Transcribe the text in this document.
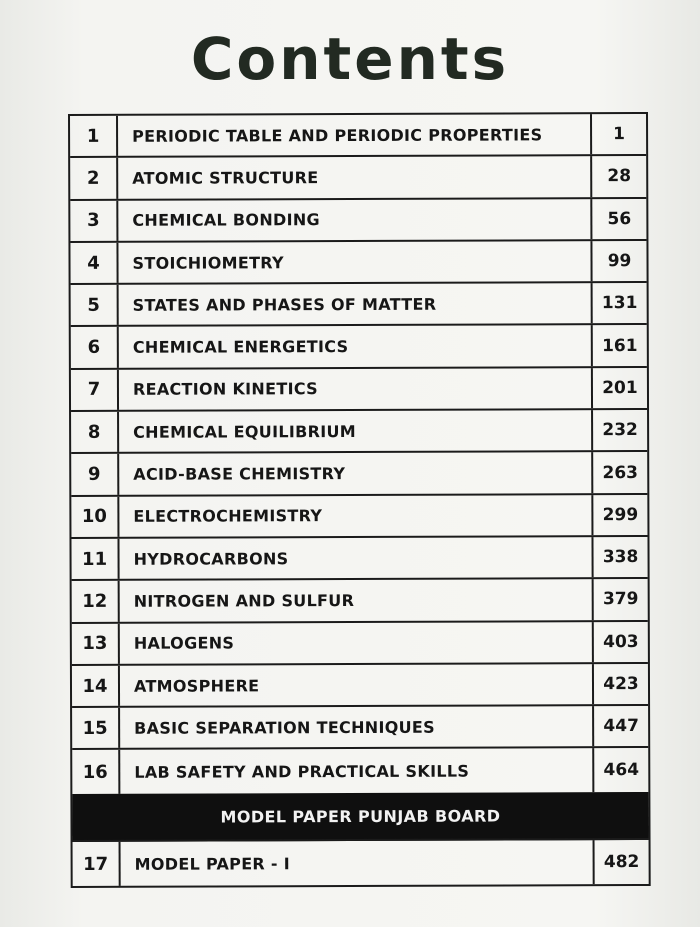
Contents
1	PERIODIC TABLE AND PERIODIC PROPERTIES	1
2	ATOMIC STRUCTURE	28
3	CHEMICAL BONDING	56
4	STOICHIOMETRY	99
5	STATES AND PHASES OF MATTER	131
6	CHEMICAL ENERGETICS	161
7	REACTION KINETICS	201
8	CHEMICAL EQUILIBRIUM	232
9	ACID-BASE CHEMISTRY	263
10	ELECTROCHEMISTRY	299
11	HYDROCARBONS	338
12	NITROGEN AND SULFUR	379
13	HALOGENS	403
14	ATMOSPHERE	423
15	BASIC SEPARATION TECHNIQUES	447
16	LAB SAFETY AND PRACTICAL SKILLS	464
MODEL PAPER PUNJAB BOARD
17	MODEL PAPER - I	482
